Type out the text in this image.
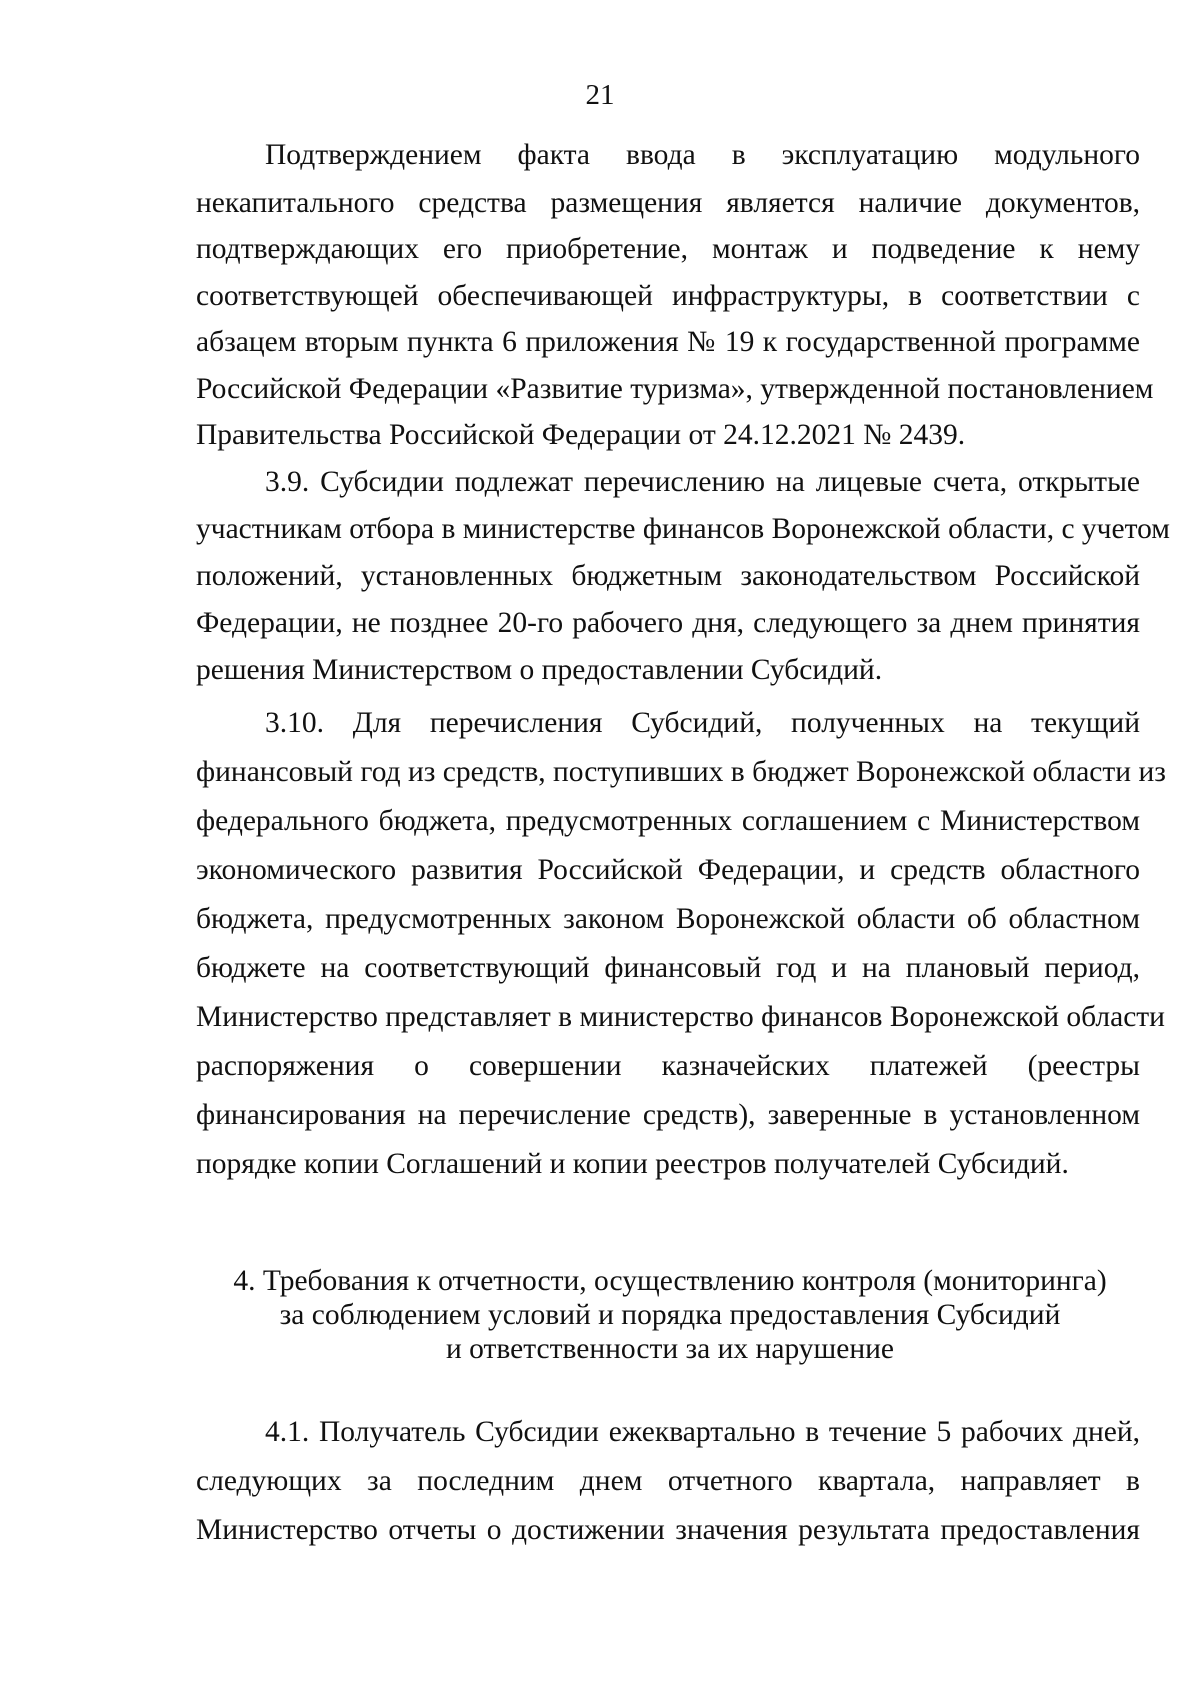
21
Подтверждением факта ввода в эксплуатацию модульного
некапитального средства размещения является наличие документов,
подтверждающих его приобретение, монтаж и подведение к нему
соответствующей обеспечивающей инфраструктуры, в соответствии с
абзацем вторым пункта 6 приложения № 19 к государственной программе
Российской Федерации «Развитие туризма», утвержденной постановлением
Правительства Российской Федерации от 24.12.2021 № 2439.
3.9. Субсидии подлежат перечислению на лицевые счета, открытые
участникам отбора в министерстве финансов Воронежской области, с учетом
положений, установленных бюджетным законодательством Российской
Федерации, не позднее 20-го рабочего дня, следующего за днем принятия
решения Министерством о предоставлении Субсидий.
3.10. Для перечисления Субсидий, полученных на текущий
финансовый год из средств, поступивших в бюджет Воронежской области из
федерального бюджета, предусмотренных соглашением с Министерством
экономического развития Российской Федерации, и средств областного
бюджета, предусмотренных законом Воронежской области об областном
бюджете на соответствующий финансовый год и на плановый период,
Министерство представляет в министерство финансов Воронежской области
распоряжения о совершении казначейских платежей (реестры
финансирования на перечисление средств), заверенные в установленном
порядке копии Соглашений и копии реестров получателей Субсидий.
4. Требования к отчетности, осуществлению контроля (мониторинга)
за соблюдением условий и порядка предоставления Субсидий
и ответственности за их нарушение
4.1. Получатель Субсидии ежеквартально в течение 5 рабочих дней,
следующих за последним днем отчетного квартала, направляет в
Министерство отчеты о достижении значения результата предоставления
